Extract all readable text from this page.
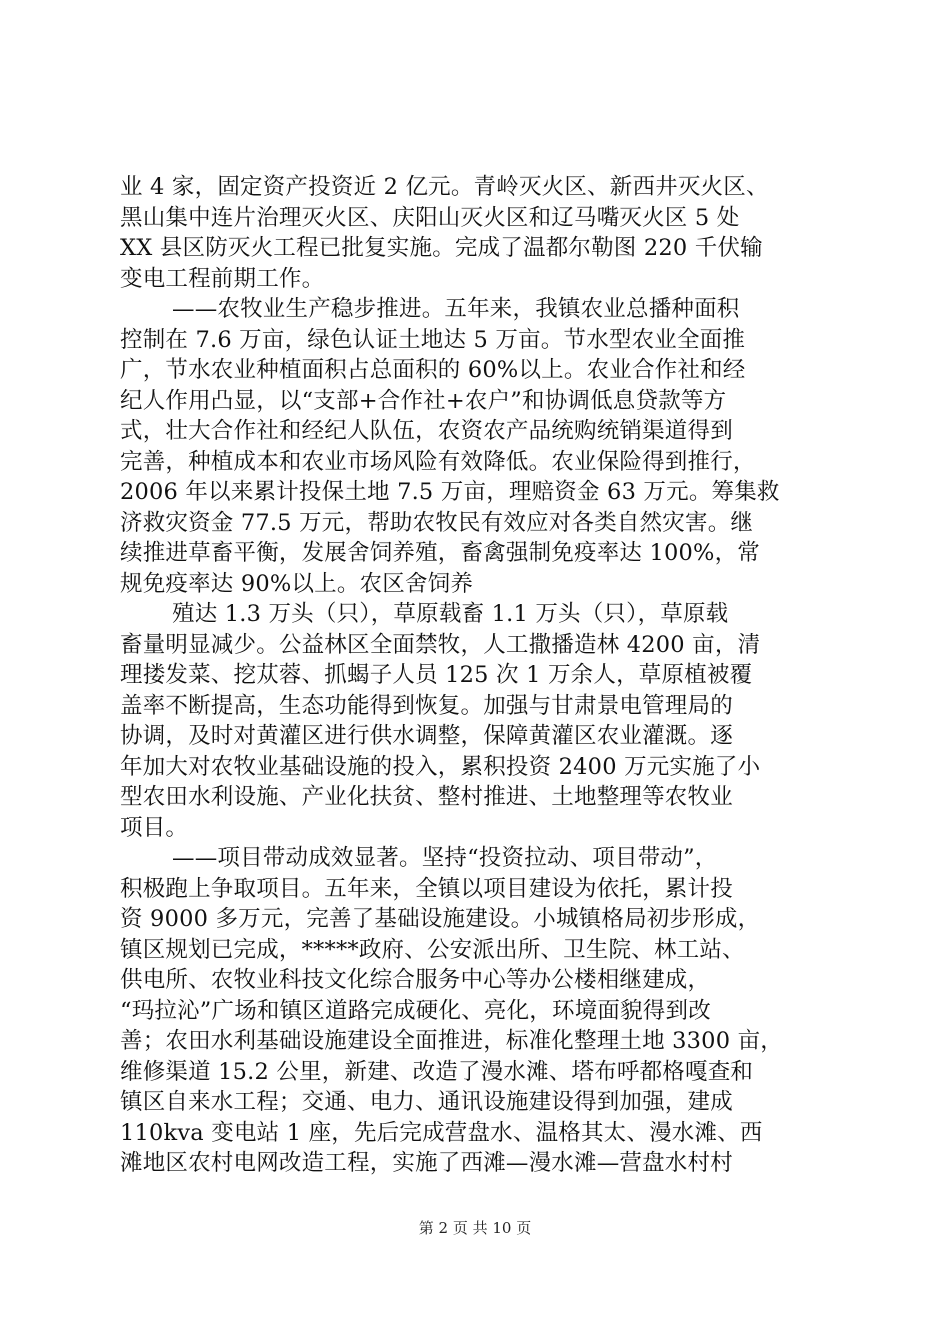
业 4 家，固定资产投资近 2 亿元。青岭灭火区、新西井灭火区、
黑山集中连片治理灭火区、庆阳山灭火区和辽马嘴灭火区 5 处
XX 县区防灭火工程已批复实施。完成了温都尔勒图 220 千伏输
变电工程前期工作。
——农牧业生产稳步推进。五年来，我镇农业总播种面积
控制在 7.6 万亩，绿色认证土地达 5 万亩。节水型农业全面推
广，节水农业种植面积占总面积的 60%以上。农业合作社和经
纪人作用凸显，以“支部+合作社+农户”和协调低息贷款等方
式，壮大合作社和经纪人队伍，农资农产品统购统销渠道得到
完善，种植成本和农业市场风险有效降低。农业保险得到推行，
2006 年以来累计投保土地 7.5 万亩，理赔资金 63 万元。筹集救
济救灾资金 77.5 万元，帮助农牧民有效应对各类自然灾害。继
续推进草畜平衡，发展舍饲养殖，畜禽强制免疫率达 100%，常
规免疫率达 90%以上。农区舍饲养
殖达 1.3 万头（只），草原载畜 1.1 万头（只），草原载
畜量明显减少。公益林区全面禁牧，人工撒播造林 4200 亩，清
理搂发菜、挖苁蓉、抓蝎子人员 125 次 1 万余人，草原植被覆
盖率不断提高，生态功能得到恢复。加强与甘肃景电管理局的
协调，及时对黄灌区进行供水调整，保障黄灌区农业灌溉。逐
年加大对农牧业基础设施的投入，累积投资 2400 万元实施了小
型农田水利设施、产业化扶贫、整村推进、土地整理等农牧业
项目。
——项目带动成效显著。坚持“投资拉动、项目带动”，
积极跑上争取项目。五年来，全镇以项目建设为依托，累计投
资 9000 多万元，完善了基础设施建设。小城镇格局初步形成，
镇区规划已完成，*****政府、公安派出所、卫生院、林工站、
供电所、农牧业科技文化综合服务中心等办公楼相继建成，
“玛拉沁”广场和镇区道路完成硬化、亮化，环境面貌得到改
善；农田水利基础设施建设全面推进，标准化整理土地 3300 亩，
维修渠道 15.2 公里，新建、改造了漫水滩、塔布呼都格嘎查和
镇区自来水工程；交通、电力、通讯设施建设得到加强，建成
110kva 变电站 1 座，先后完成营盘水、温格其太、漫水滩、西
滩地区农村电网改造工程，实施了西滩—漫水滩—营盘水村村
第 2 页 共 10 页
